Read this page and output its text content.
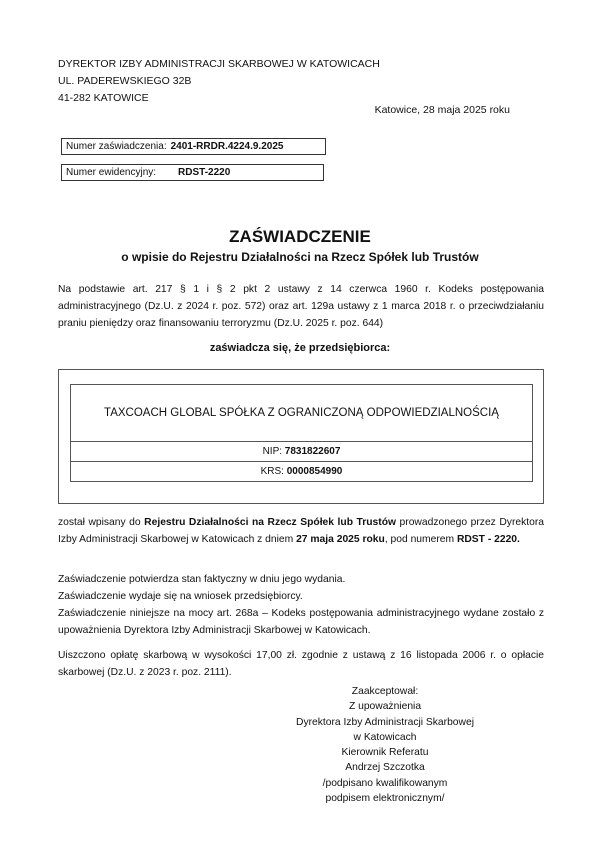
DYREKTOR IZBY ADMINISTRACJI SKARBOWEJ W KATOWICACH
UL. PADEREWSKIEGO 32B
41-282 KATOWICE
Katowice, 28 maja 2025 roku
Numer zaświadczenia: 2401-RRDR.4224.9.2025
Numer ewidencyjny: RDST-2220
ZAŚWIADCZENIE
o wpisie do Rejestru Działalności na Rzecz Spółek lub Trustów
Na podstawie art. 217 § 1 i § 2 pkt 2 ustawy z 14 czerwca 1960 r. Kodeks postępowania administracyjnego (Dz.U. z 2024 r. poz. 572) oraz art. 129a ustawy z 1 marca 2018 r. o przeciwdziałaniu praniu pieniędzy oraz finansowaniu terroryzmu (Dz.U. 2025 r. poz. 644)
zaświadcza się, że przedsiębiorca:
TAXCOACH GLOBAL SPÓŁKA Z OGRANICZONĄ ODPOWIEDZIALNOŚCIĄ
NIP: 7831822607
KRS: 0000854990
został wpisany do Rejestru Działalności na Rzecz Spółek lub Trustów prowadzonego przez Dyrektora Izby Administracji Skarbowej w Katowicach z dniem 27 maja 2025 roku, pod numerem RDST - 2220.
Zaświadczenie potwierdza stan faktyczny w dniu jego wydania.
Zaświadczenie wydaje się na wniosek przedsiębiorcy.
Zaświadczenie niniejsze na mocy art. 268a – Kodeks postępowania administracyjnego wydane zostało z upoważnienia Dyrektora Izby Administracji Skarbowej w Katowicach.
Uiszczono opłatę skarbową w wysokości 17,00 zł. zgodnie z ustawą z 16 listopada 2006 r. o opłacie skarbowej (Dz.U. z 2023 r. poz. 2111).
Zaakceptował:
Z upoważnienia
Dyrektora Izby Administracji Skarbowej
w Katowicach
Kierownik Referatu
Andrzej Szczotka
/podpisano kwalifikowanym
podpisem elektronicznym/
